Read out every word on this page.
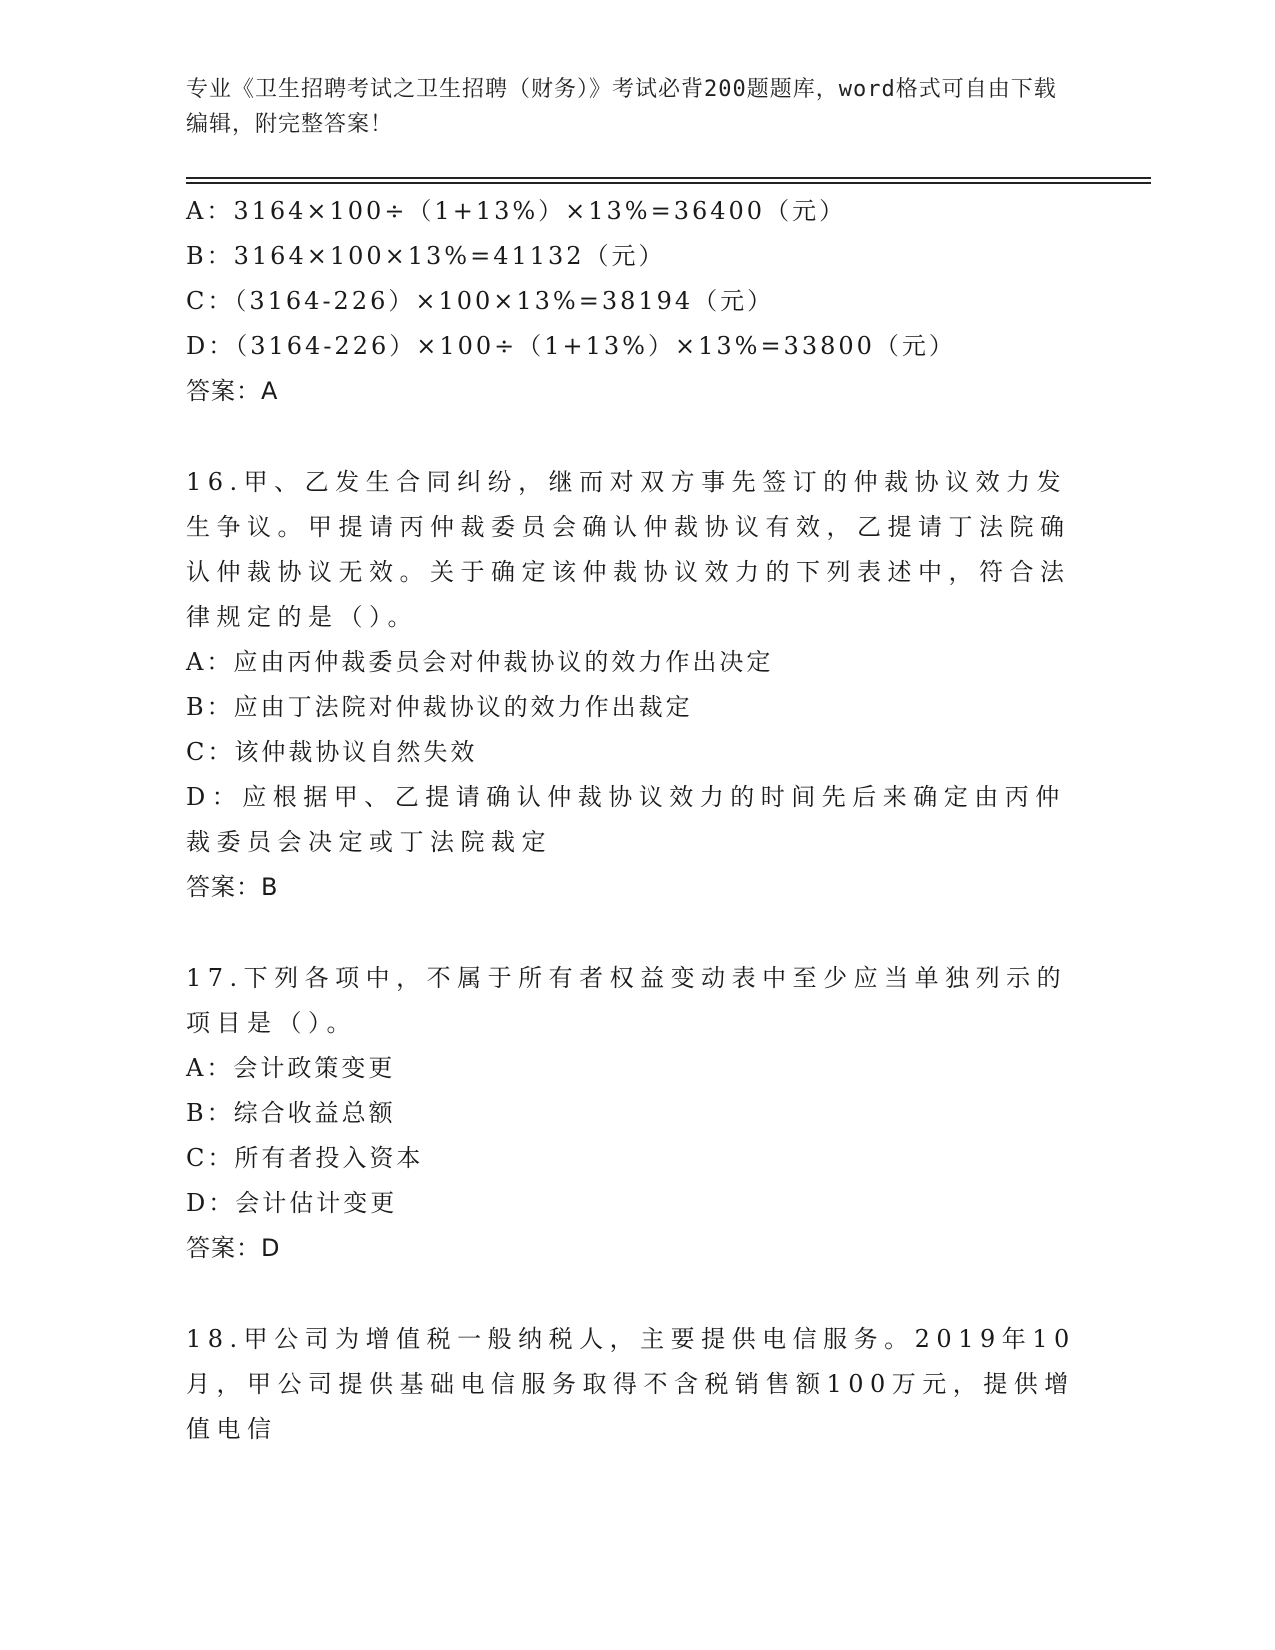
专业《卫生招聘考试之卫生招聘（财务）》考试必背200题题库，word格式可自由下载编辑，附完整答案！
A：3164×100÷（1+13%）×13%=36400（元）
B：3164×100×13%=41132（元）
C：（3164-226）×100×13%=38194（元）
D：（3164-226）×100÷（1+13%）×13%=33800（元）
答案：A
16.甲、乙发生合同纠纷，继而对双方事先签订的仲裁协议效力发生争议。甲提请丙仲裁委员会确认仲裁协议有效，乙提请丁法院确认仲裁协议无效。关于确定该仲裁协议效力的下列表述中，符合法律规定的是（）。
A：应由丙仲裁委员会对仲裁协议的效力作出决定
B：应由丁法院对仲裁协议的效力作出裁定
C：该仲裁协议自然失效
D：应根据甲、乙提请确认仲裁协议效力的时间先后来确定由丙仲裁委员会决定或丁法院裁定
答案：B
17.下列各项中，不属于所有者权益变动表中至少应当单独列示的项目是（）。
A：会计政策变更
B：综合收益总额
C：所有者投入资本
D：会计估计变更
答案：D
18.甲公司为增值税一般纳税人，主要提供电信服务。2019年10月，甲公司提供基础电信服务取得不含税销售额100万元，提供增值电信
